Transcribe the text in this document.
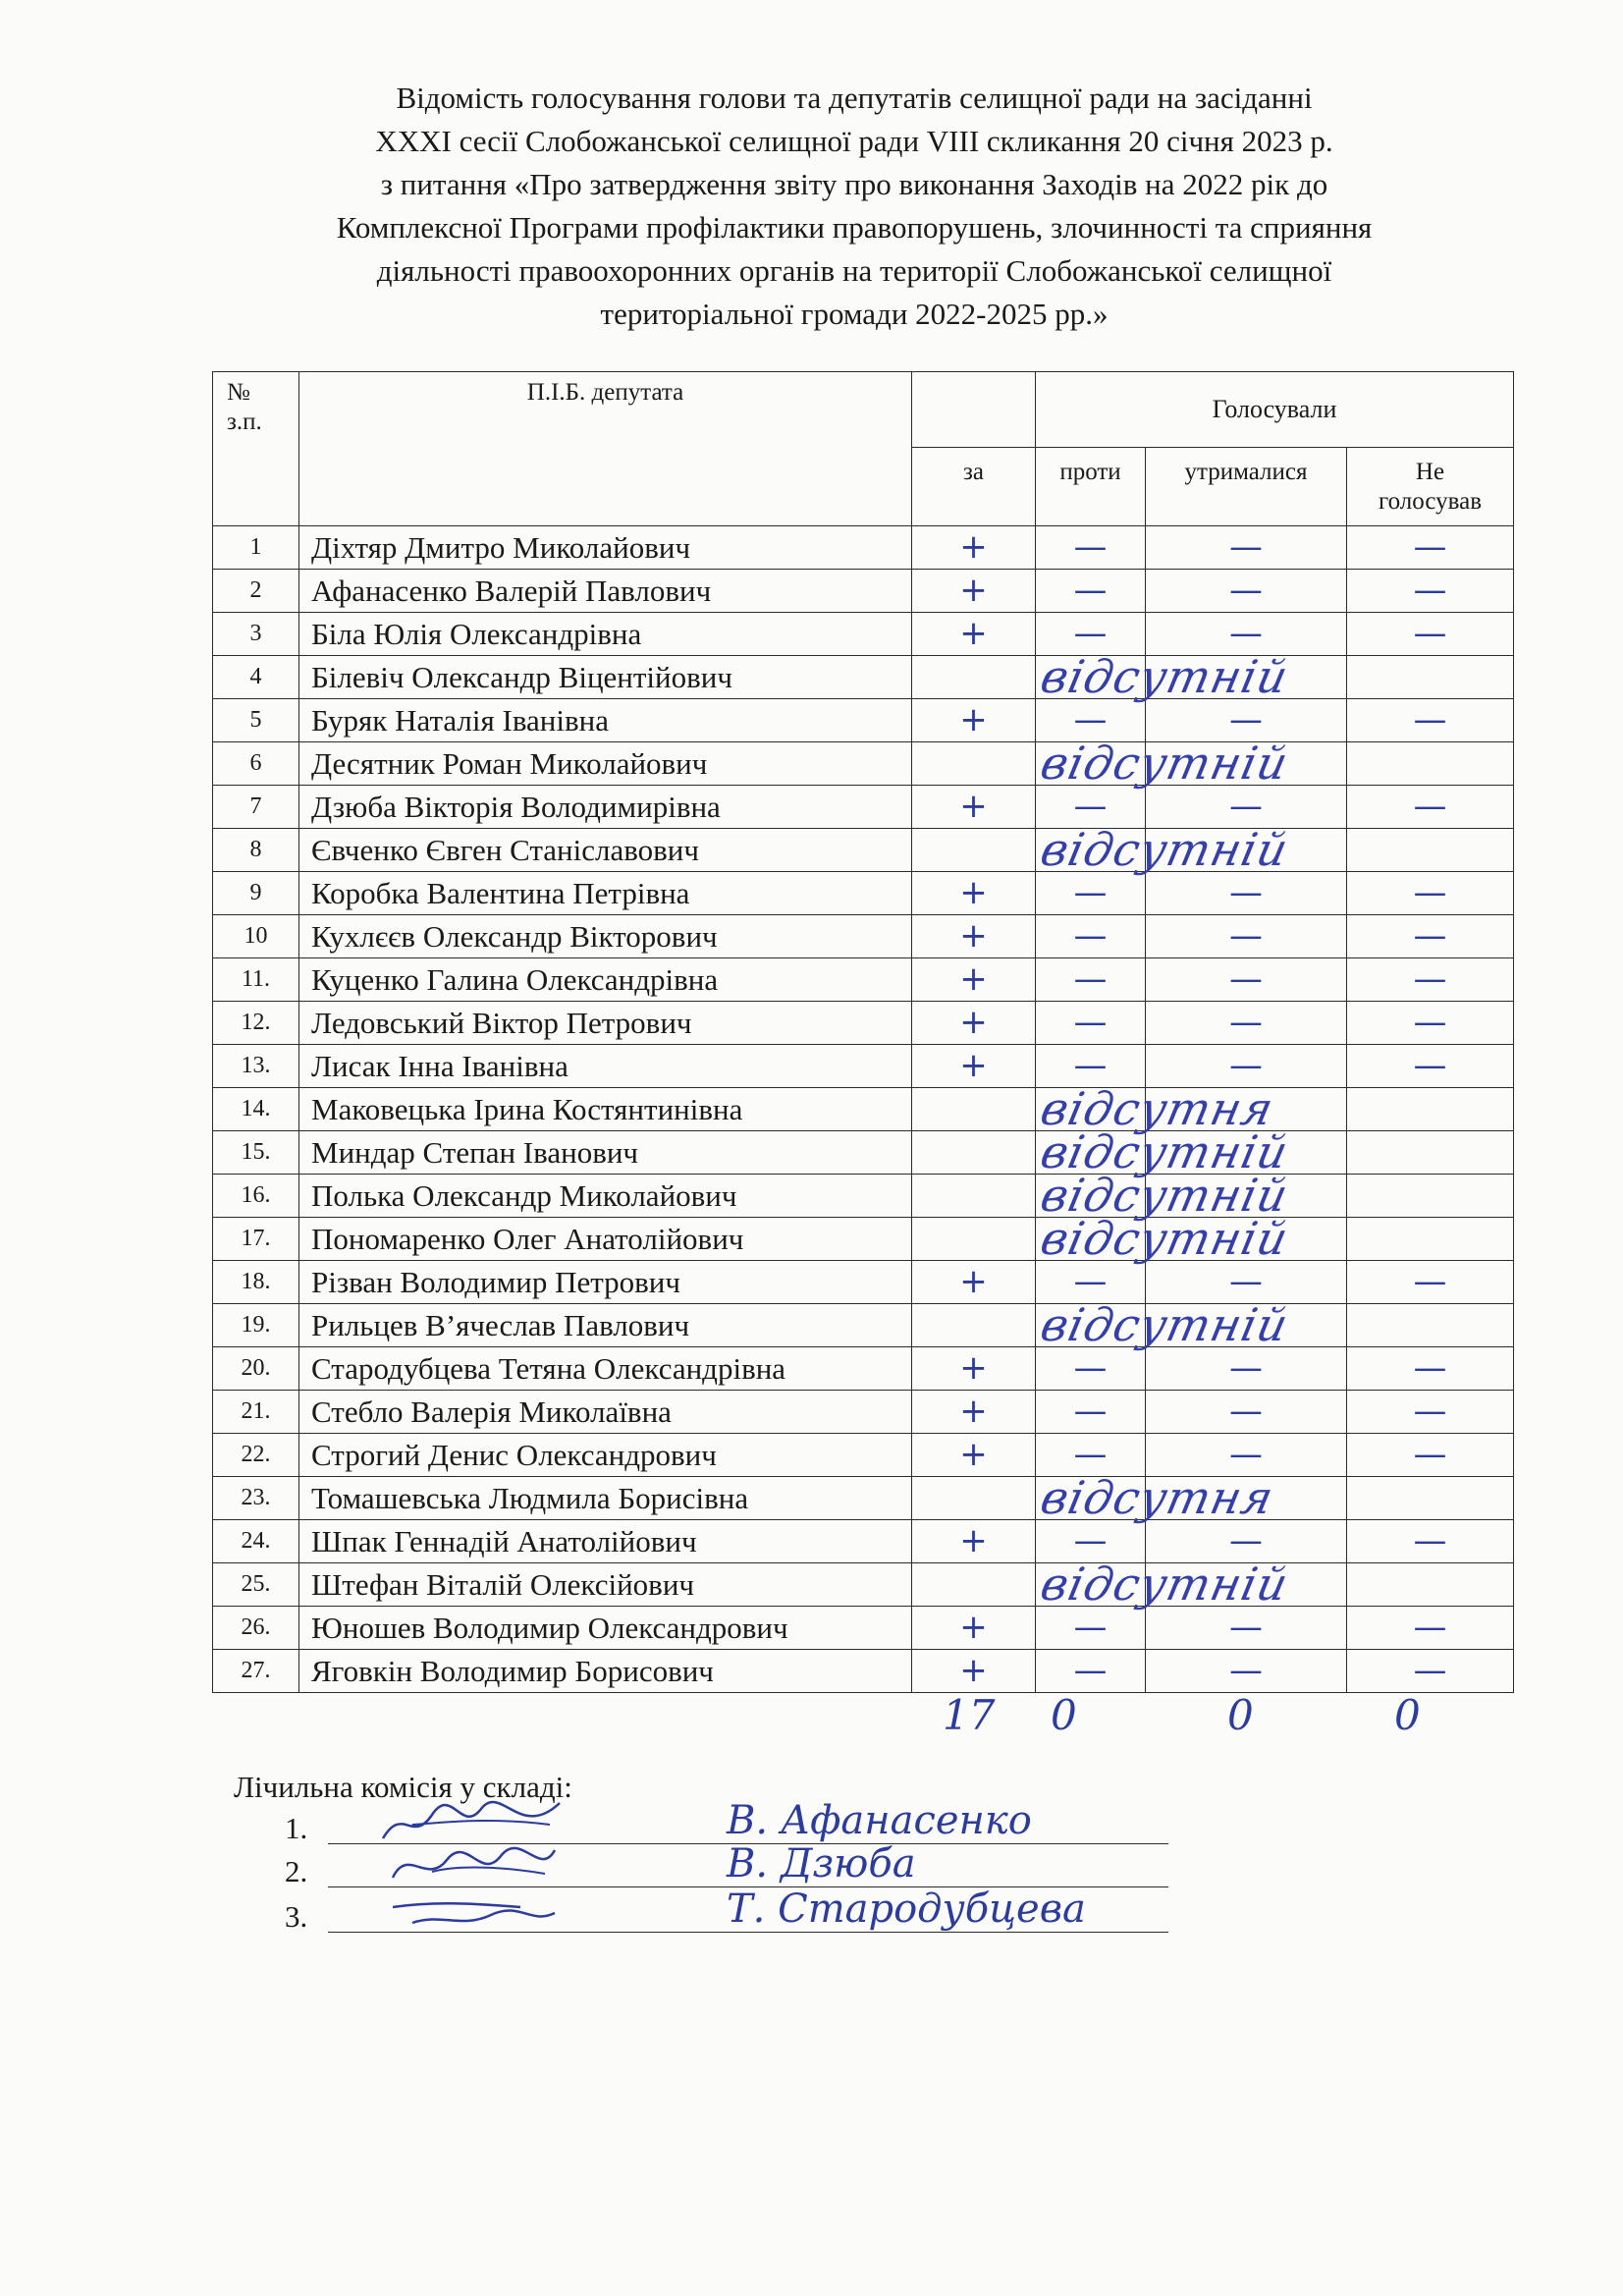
Відомість голосування голови та депутатів селищної ради на засіданні
XXXI сесії Слобожанської селищної ради VIII скликання 20 січня 2023 р.
з питання «Про затвердження звіту про виконання Заходів на 2022 рік до
Комплексної Програми профілактики правопорушень, злочинності та сприяння
діяльності правоохоронних органів на території Слобожанської селищної
територіальної громади 2022-2025 рр.»
№
з.п.	П.І.Б. депутата		Голосували		
		за	проти	утрималися	Не
голосував
1	Діхтяр Дмитро Миколайович	+	—	—	—
2	Афанасенко Валерій Павлович	+	—	—	—
3	Біла Юлія Олександрівна	+	—	—	—
4	Білевіч Олександр Віцентійович		відсутній		

5	Буряк Наталія Іванівна	+	—	—	—
6	Десятник Роман Миколайович		відсутній		

7	Дзюба Вікторія Володимирівна	+	—	—	—
8	Євченко Євген Станіславович		відсутній		

9	Коробка Валентина Петрівна	+	—	—	—
10	Кухлєєв Олександр Вікторович	+	—	—	—
11.	Куценко Галина Олександрівна	+	—	—	—
12.	Ледовський Віктор Петрович	+	—	—	—
13.	Лисак Інна Іванівна	+	—	—	—
14.	Маковецька Ірина Костянтинівна		відсутня		

15.	Миндар Степан Іванович		відсутній		

16.	Полька Олександр Миколайович		відсутній		

17.	Пономаренко Олег Анатолійович		відсутній		

18.	Різван Володимир Петрович	+	—	—	—
19.	Рильцев В’ячеслав Павлович		відсутній		

20.	Стародубцева Тетяна Олександрівна	+	—	—	—
21.	Стебло Валерія Миколаївна	+	—	—	—
22.	Строгий Денис Олександрович	+	—	—	—
23.	Томашевська Людмила Борисівна		відсутня		

24.	Шпак Геннадій Анатолійович	+	—	—	—
25.	Штефан Віталій Олексійович		відсутній		

26.	Юношев Володимир Олександрович	+	—	—	—
27.	Яговкін Володимир Борисович	+	—	—	—
17 0	0	0
Лічильна комісія у складі:
1.	В. Афанасенко
2.	В. Дзюба
3.	Т. Стародубцева
